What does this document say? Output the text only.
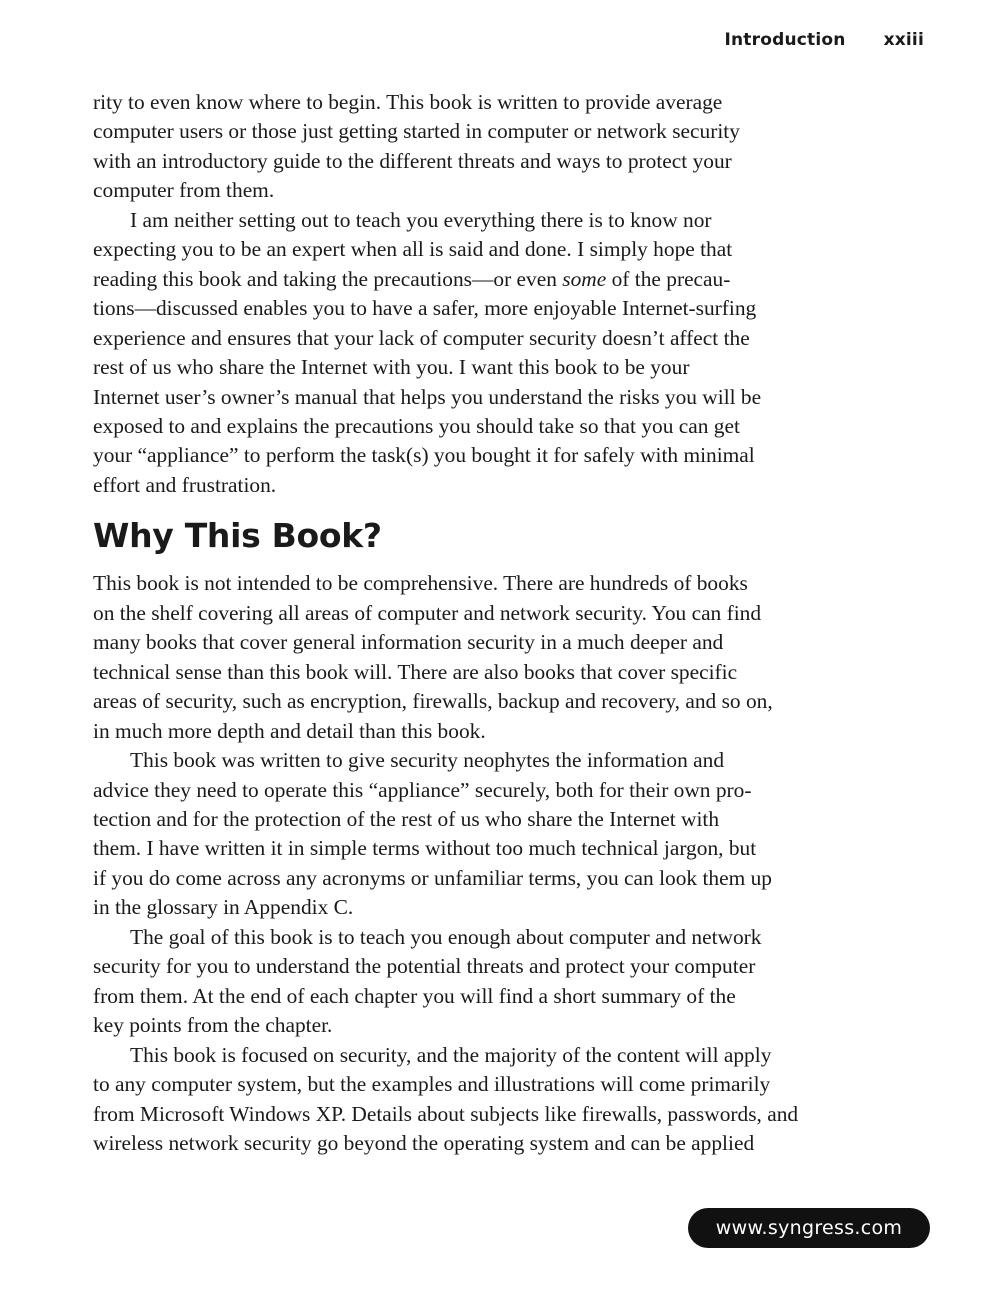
Introduction xxiii

rity to even know where to begin. This book is written to provide average
computer users or those just getting started in computer or network security
with an introductory guide to the different threats and ways to protect your
computer from them.

I am neither setting out to teach you everything there is to know nor
expecting you to be an expert when all is said and done. I simply hope that
reading this book and taking the precautions—or even some of the precau-
tions—discussed enables you to have a safer, more enjoyable Internet-surfing
experience and ensures that your lack of computer security doesn’t affect the
rest of us who share the Internet with you. I want this book to be your
Internet user’s owner’s manual that helps you understand the risks you will be
exposed to and explains the precautions you should take so that you can get
your “appliance” to perform the task(s) you bought it for safely with minimal
effort and frustration.

Why This Book?

This book is not intended to be comprehensive. There are hundreds of books
on the shelf covering all areas of computer and network security. You can find
many books that cover general information security in a much deeper and
technical sense than this book will. There are also books that cover specific
areas of security, such as encryption, firewalls, backup and recovery, and so on,
in much more depth and detail than this book.

This book was written to give security neophytes the information and
advice they need to operate this “appliance” securely, both for their own pro-
tection and for the protection of the rest of us who share the Internet with
them. I have written it in simple terms without too much technical jargon, but
if you do come across any acronyms or unfamiliar terms, you can look them up
in the glossary in Appendix C.

The goal of this book is to teach you enough about computer and network
security for you to understand the potential threats and protect your computer
from them. At the end of each chapter you will find a short summary of the
key points from the chapter.

This book is focused on security, and the majority of the content will apply
to any computer system, but the examples and illustrations will come primarily
from Microsoft Windows XP. Details about subjects like firewalls, passwords, and
wireless network security go beyond the operating system and can be applied

www.syngress.com
